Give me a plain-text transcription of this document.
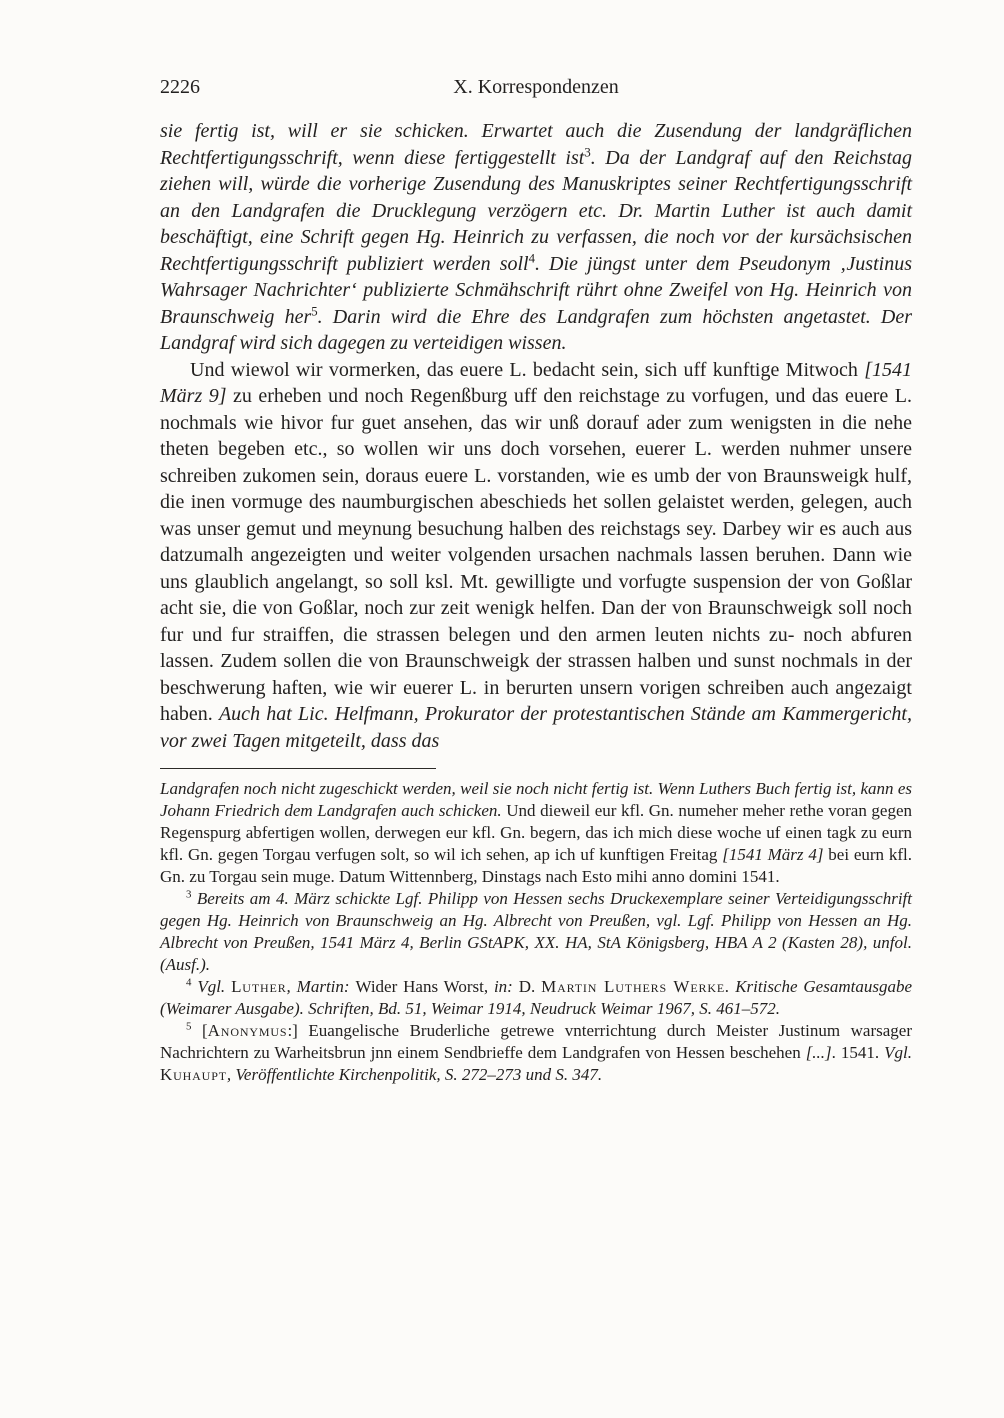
2226	X. Korrespondenzen

sie fertig ist, will er sie schicken. Erwartet auch die Zusendung der landgräflichen Rechtfertigungsschrift, wenn diese fertiggestellt ist$^3$. Da der Landgraf auf den Reichstag ziehen will, würde die vorherige Zusendung des Manuskriptes seiner Rechtfertigungsschrift an den Landgrafen die Drucklegung verzögern etc. Dr. Martin Luther ist auch damit beschäftigt, eine Schrift gegen Hg. Heinrich zu verfassen, die noch vor der kursächsischen Rechtfertigungsschrift publiziert werden soll$^4$. Die jüngst unter dem Pseudonym ‚Justinus Wahrsager Nachrichter‘ publizierte Schmähschrift rührt ohne Zweifel von Hg. Heinrich von Braunschweig her$^5$. Darin wird die Ehre des Landgrafen zum höchsten angetastet. Der Landgraf wird sich dagegen zu verteidigen wissen.

Und wiewol wir vormerken, das euere L. bedacht sein, sich uff kunftige Mitwoch [1541 März 9] zu erheben und noch Regenßburg uff den reichstage zu vorfugen, und das euere L. nochmals wie hivor fur guet ansehen, das wir unß dorauf ader zum wenigsten in die nehe theten begeben etc., so wollen wir uns doch vorsehen, euerer L. werden nuhmer unsere schreiben zukomen sein, doraus euere L. vorstanden, wie es umb der von Braunsweigk hulf, die inen vormuge des naumburgischen abeschieds het sollen gelaistet werden, gelegen, auch was unser gemut und meynung besuchung halben des reichstags sey. Darbey wir es auch aus datzumalh angezeigten und weiter volgenden ursachen nachmals lassen beruhen. Dann wie uns glaublich angelangt, so soll ksl. Mt. gewilligte und vorfugte suspension der von Goßlar acht sie, die von Goßlar, noch zur zeit wenigk helfen. Dan der von Braunschweigk soll noch fur und fur straiffen, die strassen belegen und den armen leuten nichts zu- noch abfuren lassen. Zudem sollen die von Braunschweigk der strassen halben und sunst nochmals in der beschwerung haften, wie wir euerer L. in berurten unsern vorigen schreiben auch angezaigt haben. Auch hat Lic. Helfmann, Prokurator der protestantischen Stände am Kammergericht, vor zwei Tagen mitgeteilt, dass das

Landgrafen noch nicht zugeschickt werden, weil sie noch nicht fertig ist. Wenn Luthers Buch fertig ist, kann es Johann Friedrich dem Landgrafen auch schicken. Und dieweil eur kfl. Gn. numeher meher rethe voran gegen Regenspurg abfertigen wollen, derwegen eur kfl. Gn. begern, das ich mich diese woche uf einen tagk zu eurn kfl. Gn. gegen Torgau verfugen solt, so wil ich sehen, ap ich uf kunftigen Freitag [1541 März 4] bei eurn kfl. Gn. zu Torgau sein muge. Datum Wittennberg, Dinstags nach Esto mihi anno domini 1541.

$^3$ Bereits am 4. März schickte Lgf. Philipp von Hessen sechs Druckexemplare seiner Verteidigungsschrift gegen Hg. Heinrich von Braunschweig an Hg. Albrecht von Preußen, vgl. Lgf. Philipp von Hessen an Hg. Albrecht von Preußen, 1541 März 4, Berlin GStAPK, XX. HA, StA Königsberg, HBA A 2 (Kasten 28), unfol. (Ausf.).

$^4$ Vgl. Luther, Martin: Wider Hans Worst, in: D. Martin Luthers Werke. Kritische Gesamtausgabe (Weimarer Ausgabe). Schriften, Bd. 51, Weimar 1914, Neudruck Weimar 1967, S. 461–572.

$^5$ [Anonymus:] Euangelische Bruderliche getrewe vnterrichtung durch Meister Justinum warsager Nachrichtern zu Warheitsbrun jnn einem Sendbrieffe dem Landgrafen von Hessen beschehen [...]. 1541. Vgl. Kuhaupt, Veröffentlichte Kirchenpolitik, S. 272–273 und S. 347.
